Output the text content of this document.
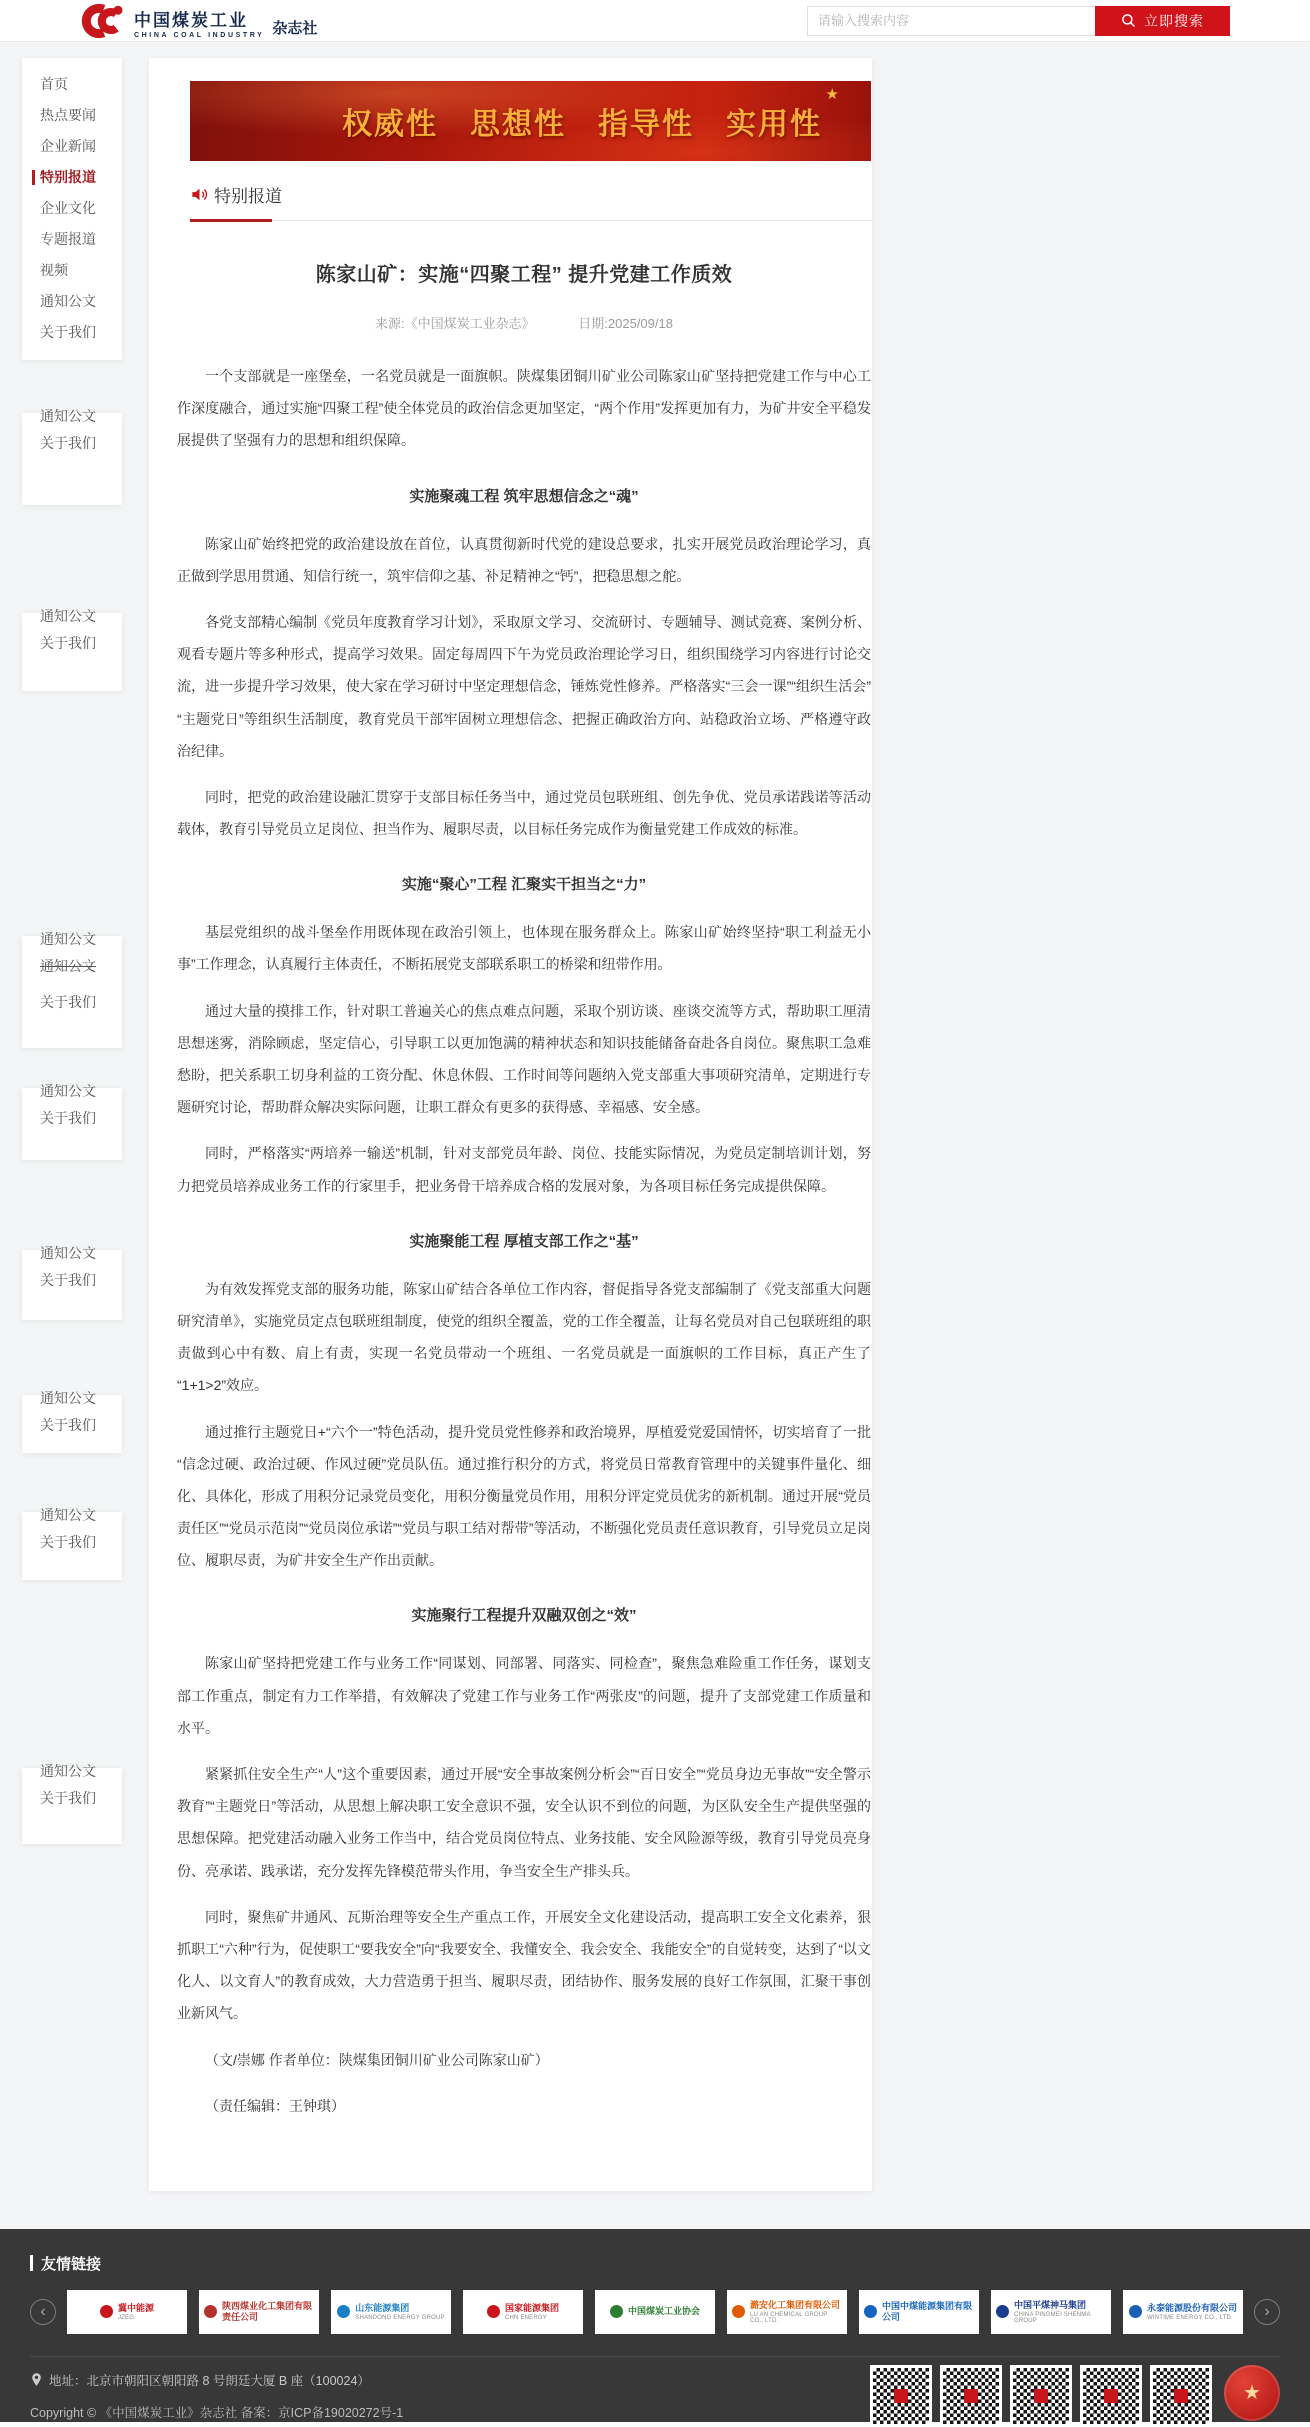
中国煤炭工业
CHINA COAL INDUSTRY 杂志社
请输入搜索内容	立即搜索
首页
热点要闻
企业新闻
特别报道
企业文化
专题报道
视频
通知公文
关于我们
通知公文
关于我们
通知公文
关于我们
通知公文
通知公文
关于我们
通知公文
关于我们
通知公文
关于我们
通知公文
关于我们
通知公文
关于我们
通知公文
关于我们
权威性　思想性　指导性　实用性
★
特别报道
陈家山矿：实施“四聚工程” 提升党建工作质效
来源:《中国煤炭工业杂志》	日期:2025/09/18

一个支部就是一座堡垒，一名党员就是一面旗帜。陕煤集团铜川矿业公司陈家山矿坚持把党建工作与中心工作深度融合，通过实施“四聚工程”使全体党员的政治信念更加坚定，“两个作用”发挥更加有力，为矿井安全平稳发展提供了坚强有力的思想和组织保障。

实施聚魂工程 筑牢思想信念之“魂”

陈家山矿始终把党的政治建设放在首位，认真贯彻新时代党的建设总要求，扎实开展党员政治理论学习，真正做到学思用贯通、知信行统一，筑牢信仰之基、补足精神之“钙”，把稳思想之舵。

各党支部精心编制《党员年度教育学习计划》，采取原文学习、交流研讨、专题辅导、测试竞赛、案例分析、观看专题片等多种形式，提高学习效果。固定每周四下午为党员政治理论学习日，组织围绕学习内容进行讨论交流，进一步提升学习效果，使大家在学习研讨中坚定理想信念，锤炼党性修养。严格落实“三会一课”“组织生活会”“主题党日”等组织生活制度，教育党员干部牢固树立理想信念、把握正确政治方向、站稳政治立场、严格遵守政治纪律。

同时，把党的政治建设融汇贯穿于支部目标任务当中，通过党员包联班组、创先争优、党员承诺践诺等活动载体，教育引导党员立足岗位、担当作为、履职尽责，以目标任务完成作为衡量党建工作成效的标准。

实施“聚心”工程 汇聚实干担当之“力”

基层党组织的战斗堡垒作用既体现在政治引领上，也体现在服务群众上。陈家山矿始终坚持“职工利益无小事”工作理念，认真履行主体责任，不断拓展党支部联系职工的桥梁和纽带作用。

通过大量的摸排工作，针对职工普遍关心的焦点难点问题，采取个别访谈、座谈交流等方式，帮助职工厘清思想迷雾，消除顾虑，坚定信心，引导职工以更加饱满的精神状态和知识技能储备奋赴各自岗位。聚焦职工急难愁盼，把关系职工切身利益的工资分配、休息休假、工作时间等问题纳入党支部重大事项研究清单，定期进行专题研究讨论，帮助群众解决实际问题，让职工群众有更多的获得感、幸福感、安全感。

同时，严格落实“两培养一输送”机制，针对支部党员年龄、岗位、技能实际情况，为党员定制培训计划，努力把党员培养成业务工作的行家里手，把业务骨干培养成合格的发展对象，为各项目标任务完成提供保障。

实施聚能工程 厚植支部工作之“基”

为有效发挥党支部的服务功能，陈家山矿结合各单位工作内容，督促指导各党支部编制了《党支部重大问题研究清单》，实施党员定点包联班组制度，使党的组织全覆盖，党的工作全覆盖，让每名党员对自己包联班组的职责做到心中有数、肩上有责，实现一名党员带动一个班组、一名党员就是一面旗帜的工作目标，真正产生了“1+1>2”效应。

通过推行主题党日+“六个一”特色活动，提升党员党性修养和政治境界，厚植爱党爱国情怀，切实培育了一批“信念过硬、政治过硬、作风过硬”党员队伍。通过推行积分的方式，将党员日常教育管理中的关键事件量化、细化、具体化，形成了用积分记录党员变化，用积分衡量党员作用，用积分评定党员优劣的新机制。通过开展“党员责任区”“党员示范岗”“党员岗位承诺”“党员与职工结对帮带”等活动，不断强化党员责任意识教育，引导党员立足岗位、履职尽责，为矿井安全生产作出贡献。

实施聚行工程提升双融双创之“效”

陈家山矿坚持把党建工作与业务工作“同谋划、同部署、同落实、同检查”，聚焦急难险重工作任务，谋划支部工作重点，制定有力工作举措，有效解决了党建工作与业务工作“两张皮”的问题，提升了支部党建工作质量和水平。

紧紧抓住安全生产“人”这个重要因素，通过开展“安全事故案例分析会”“百日安全”“党员身边无事故”“安全警示教育”“主题党日”等活动，从思想上解决职工安全意识不强，安全认识不到位的问题，为区队安全生产提供坚强的思想保障。把党建活动融入业务工作当中，结合党员岗位特点、业务技能、安全风险源等级，教育引导党员亮身份、亮承诺、践承诺，充分发挥先锋模范带头作用，争当安全生产排头兵。

同时，聚焦矿井通风、瓦斯治理等安全生产重点工作，开展安全文化建设活动，提高职工安全文化素养，狠抓职工“六种”行为，促使职工“要我安全”向“我要安全、我懂安全、我会安全、我能安全”的自觉转变，达到了“以文化人、以文育人”的教育成效，大力营造勇于担当、履职尽责，团结协作、服务发展的良好工作氛围，汇聚干事创业新风气。

（文/崇娜 作者单位：陕煤集团铜川矿业公司陈家山矿）

（责任编辑：王钟琪）

友情链接
‹	冀中能源
JZEG
陕西煤业化工集团有限责任公司
山东能源集团
SHANDONG ENERGY GROUP
国家能源集团
CHN ENERGY
中国煤炭工业协会
潞安化工集团有限公司
LU AN CHEMICAL GROUP CO., LTD.
中国中煤能源集团有限公司
中国平煤神马集团
CHINA PINGMEI SHENMA GROUP
永泰能源股份有限公司
WINTIME ENERGY CO., LTD.	›
地址：北京市朝阳区朝阳路 8 号朗廷大厦 B 座（100024）
Copyright © 《中国煤炭工业》杂志社 备案：京ICP备19020272号-1
★
